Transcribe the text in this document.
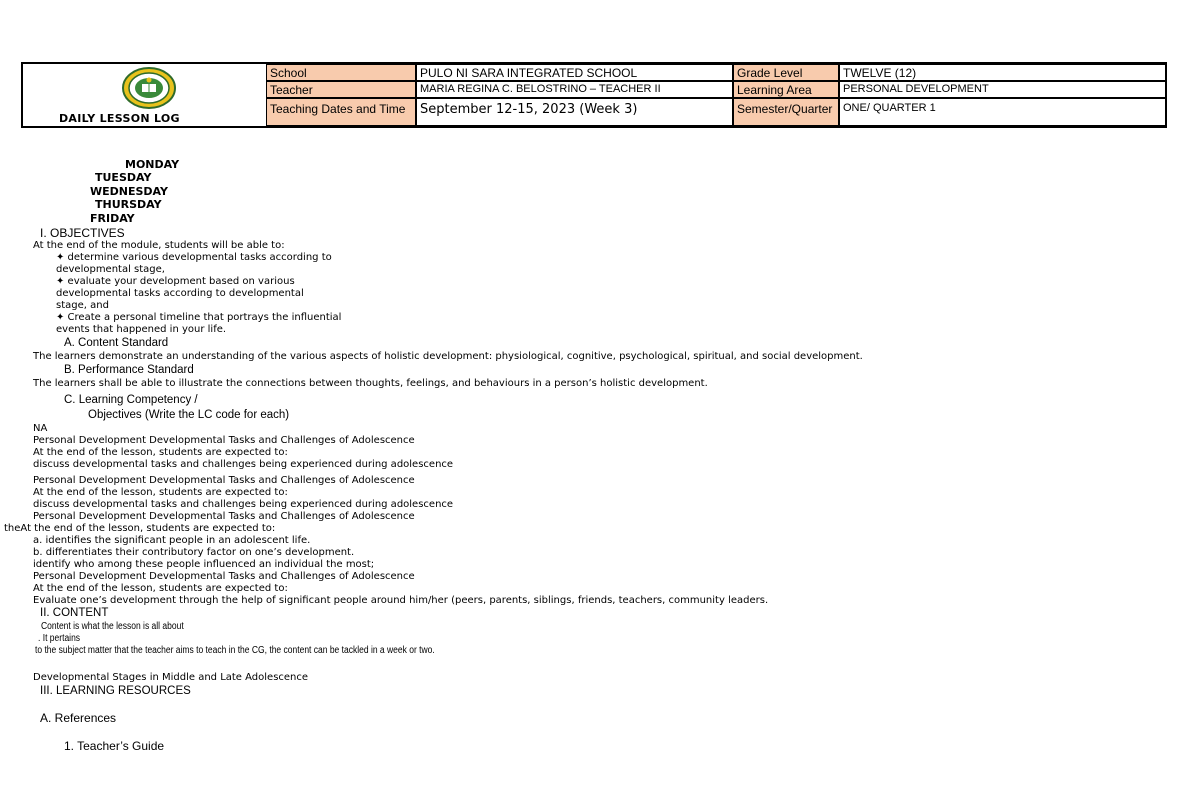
DAILY LESSON LOG
School	PULO NI SARA INTEGRATED SCHOOL	Grade Level	TWELVE (12)
Teacher	MARIA REGINA C. BELOSTRINO – TEACHER II	Learning Area	PERSONAL DEVELOPMENT
Teaching Dates and Time	September 12-15, 2023 (Week 3)	Semester/Quarter ONE/ QUARTER 1
MONDAY
TUESDAY
WEDNESDAY
THURSDAY
FRIDAY
I. OBJECTIVES
At the end of the module, students will be able to:
✦ determine various developmental tasks according to
developmental stage,
✦ evaluate your development based on various
developmental tasks according to developmental
stage, and
✦ Create a personal timeline that portrays the influential
events that happened in your life.
A. Content Standard
The learners demonstrate an understanding of the various aspects of holistic development: physiological, cognitive, psychological, spiritual, and social development.
B. Performance Standard
The learners shall be able to illustrate the connections between thoughts, feelings, and behaviours in a person’s holistic development.
C. Learning Competency /
Objectives (Write the LC code for each)
NA
Personal Development Developmental Tasks and Challenges of Adolescence
At the end of the lesson, students are expected to:
discuss developmental tasks and challenges being experienced during adolescence
Personal Development Developmental Tasks and Challenges of Adolescence
At the end of the lesson, students are expected to:
discuss developmental tasks and challenges being experienced during adolescence
Personal Development Developmental Tasks and Challenges of Adolescence
theAt the end of the lesson, students are expected to:
a. identifies the significant people in an adolescent life.
b. differentiates their contributory factor on one’s development.
identify who among these people influenced an individual the most;
Personal Development Developmental Tasks and Challenges of Adolescence
At the end of the lesson, students are expected to:
Evaluate one’s development through the help of significant people around him/her (peers, parents, siblings, friends, teachers, community leaders.
II. CONTENT
Content is what the lesson is all about
. It pertains
to the subject matter that the teacher aims to teach in the CG, the content can be tackled in a week or two.
Developmental Stages in Middle and Late Adolescence
III. LEARNING RESOURCES
A. References
1. Teacher’s Guide
